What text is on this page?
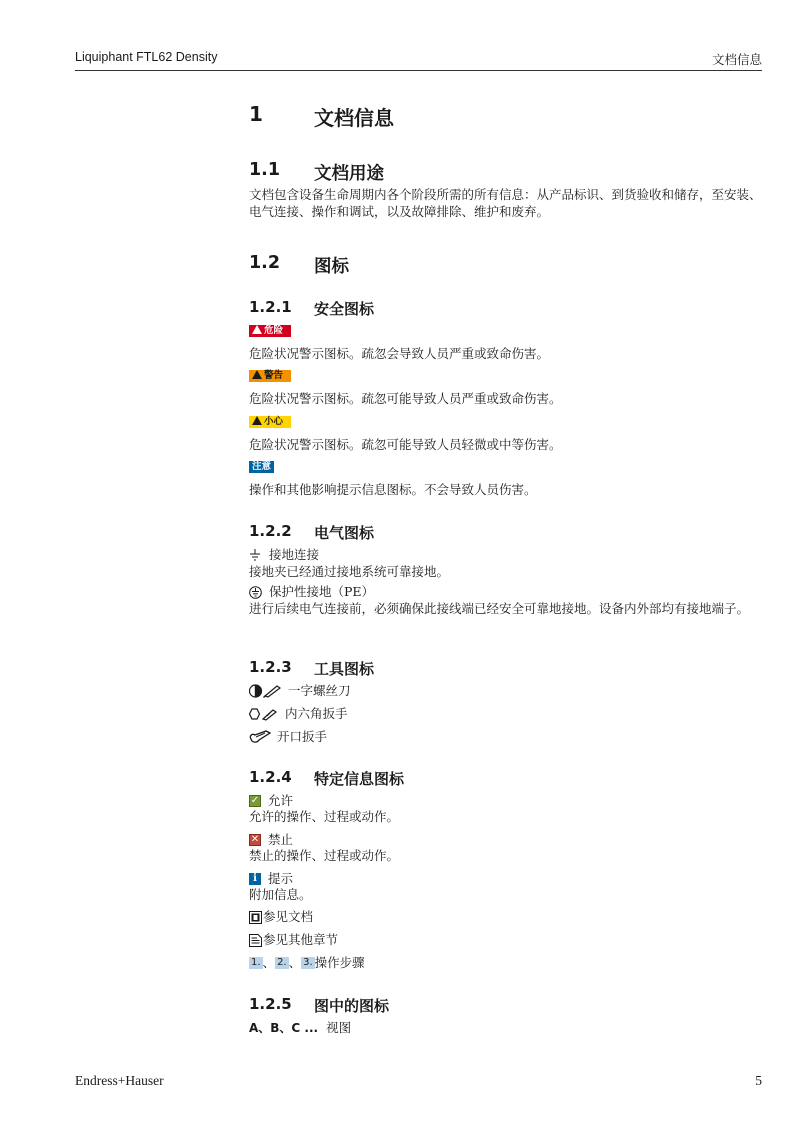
Liquiphant FTL62 Density	文档信息
1	文档信息
1.1 文档用途
文档包含设备生命周期内各个阶段所需的所有信息：从产品标识、到货验收和储存，至安装、电气连接、操作和调试，以及故障排除、维护和废弃。
1.2 图标
1.2.1 安全图标
危险
危险状况警示图标。疏忽会导致人员严重或致命伤害。
警告
危险状况警示图标。疏忽可能导致人员严重或致命伤害。
小心
危险状况警示图标。疏忽可能导致人员轻微或中等伤害。
注意
操作和其他影响提示信息图标。不会导致人员伤害。
1.2.2 电气图标
接地连接
接地夹已经通过接地系统可靠接地。
保护性接地（PE）
进行后续电气连接前，必须确保此接线端已经安全可靠地接地。设备内外部均有接地端子。
1.2.3 工具图标
一字螺丝刀
内六角扳手
开口扳手
1.2.4 特定信息图标
✓ 允许
允许的操作、过程或动作。
✕ 禁止
禁止的操作、过程或动作。
i 提示
附加信息。
参见文档
参见其他章节
1. 、 2. 、 3. 操作步骤
1.2.5 图中的图标
A、B、C ... 视图
Endress+Hauser	5
